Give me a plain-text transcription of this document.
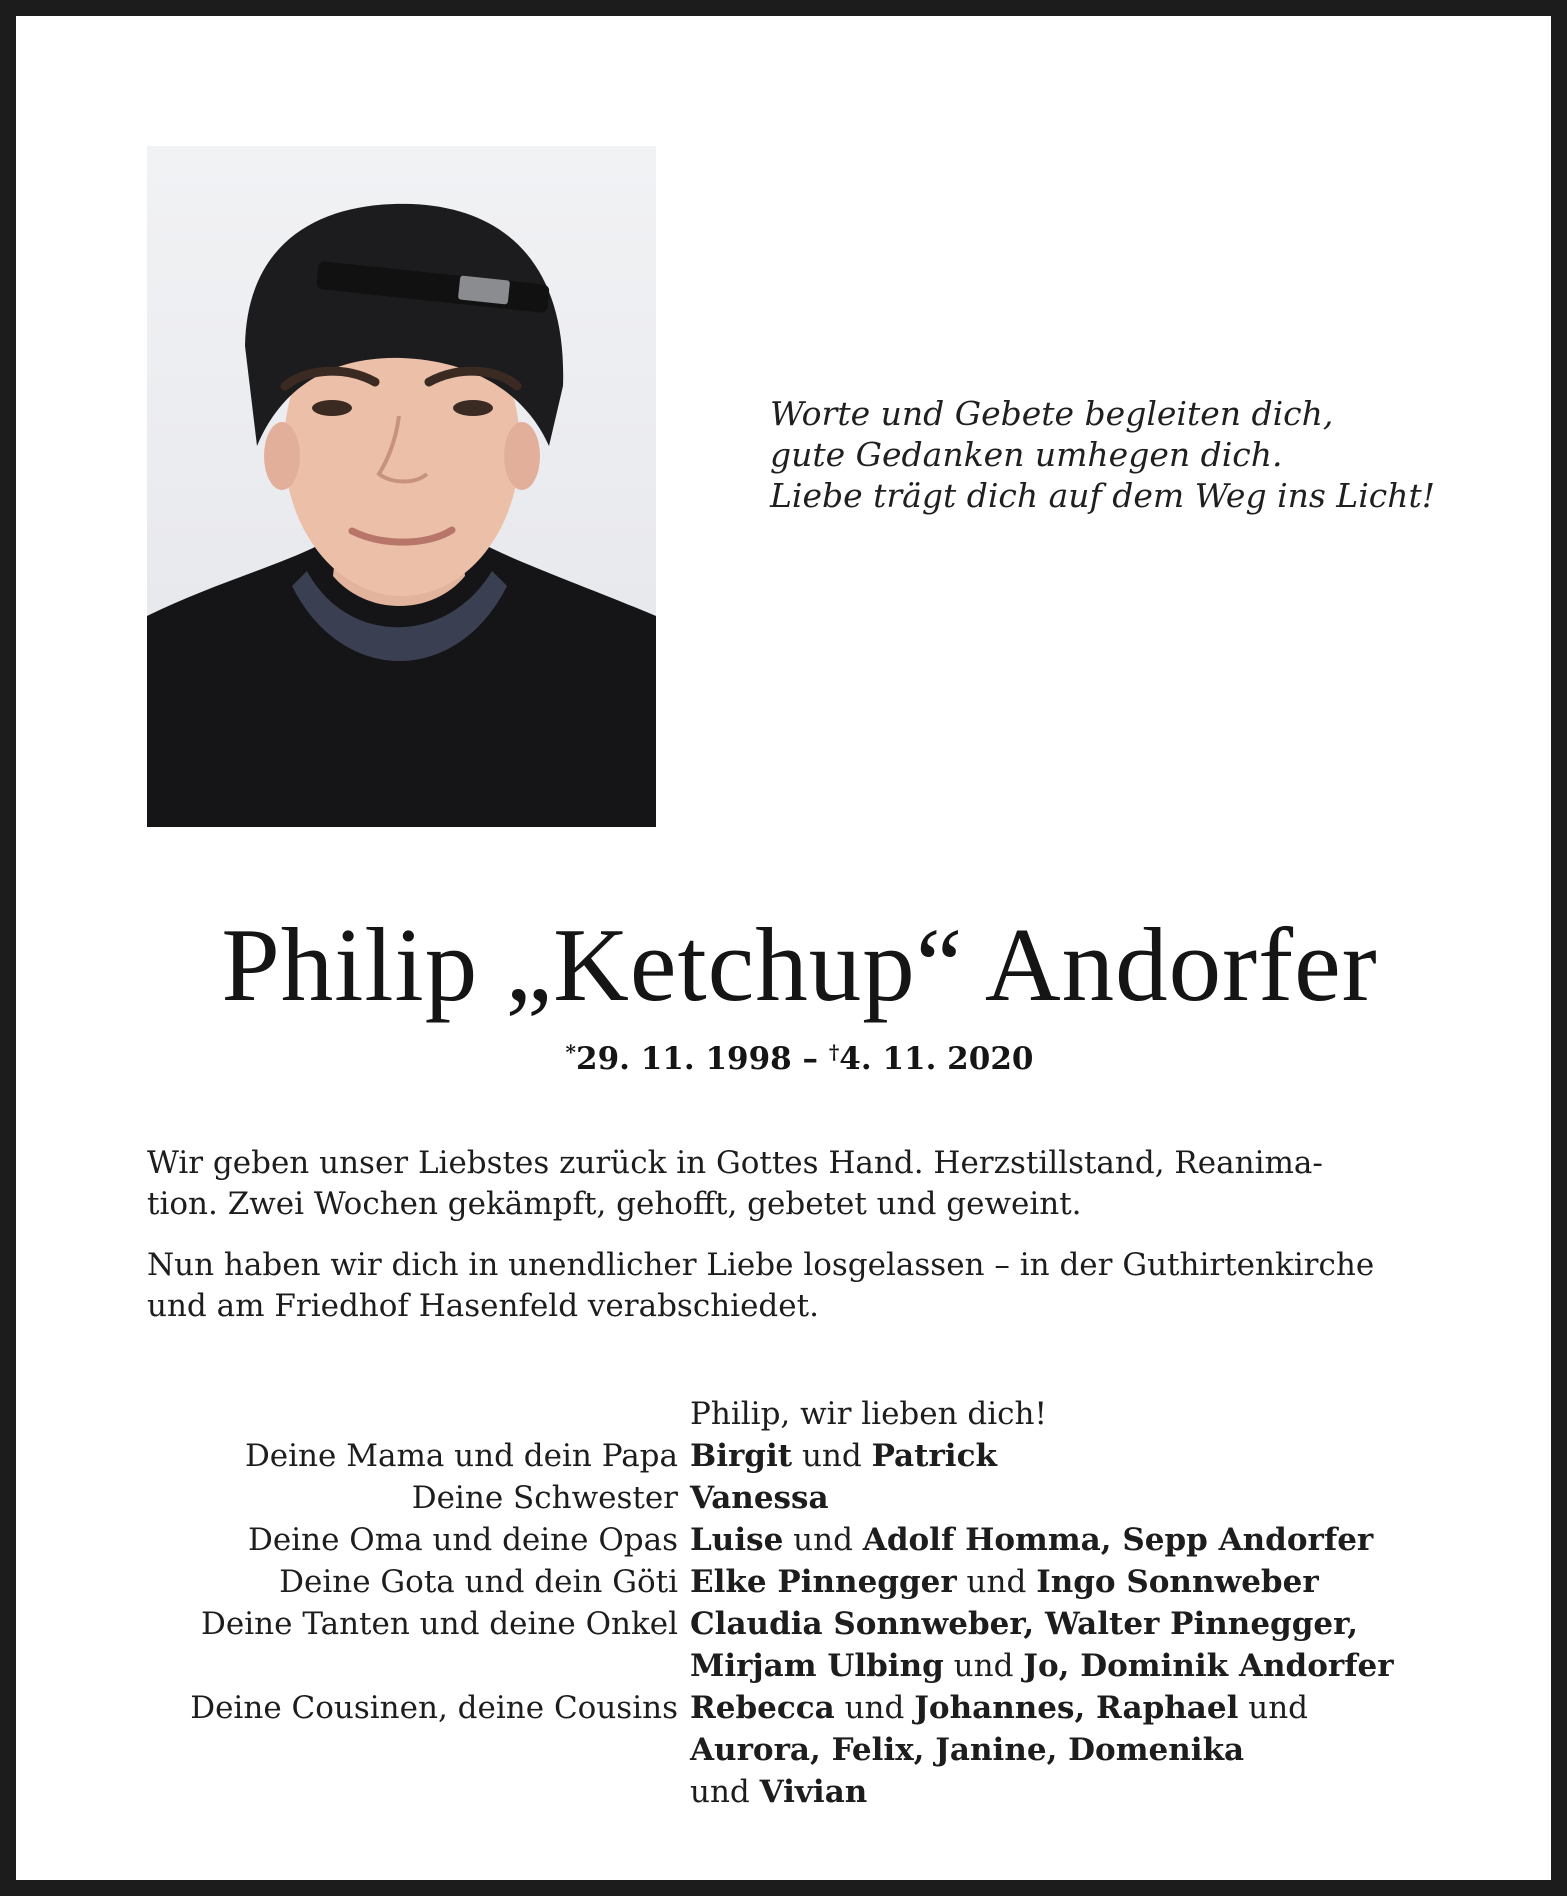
Worte und Gebete begleiten dich,
gute Gedanken umhegen dich.
Liebe trägt dich auf dem Weg ins Licht!
Philip „Ketchup“ Andorfer
*29. 11. 1998 – †4. 11. 2020
Wir geben unser Liebstes zurück in Gottes Hand. Herzstillstand, Reanima-
tion. Zwei Wochen gekämpft, gehofft, gebetet und geweint.
Nun haben wir dich in unendlicher Liebe losgelassen – in der Guthirtenkirche
und am Friedhof Hasenfeld verabschiedet.
Philip, wir lieben dich!
Deine Mama und dein Papa Birgit und Patrick
Deine Schwester Vanessa
Deine Oma und deine Opas Luise und Adolf Homma, Sepp Andorfer
Deine Gota und dein Göti Elke Pinnegger und Ingo Sonnweber
Deine Tanten und deine Onkel Claudia Sonnweber, Walter Pinnegger,
Mirjam Ulbing und Jo, Dominik Andorfer
Deine Cousinen, deine Cousins Rebecca und Johannes, Raphael und
Aurora, Felix, Janine, Domenika
und Vivian
